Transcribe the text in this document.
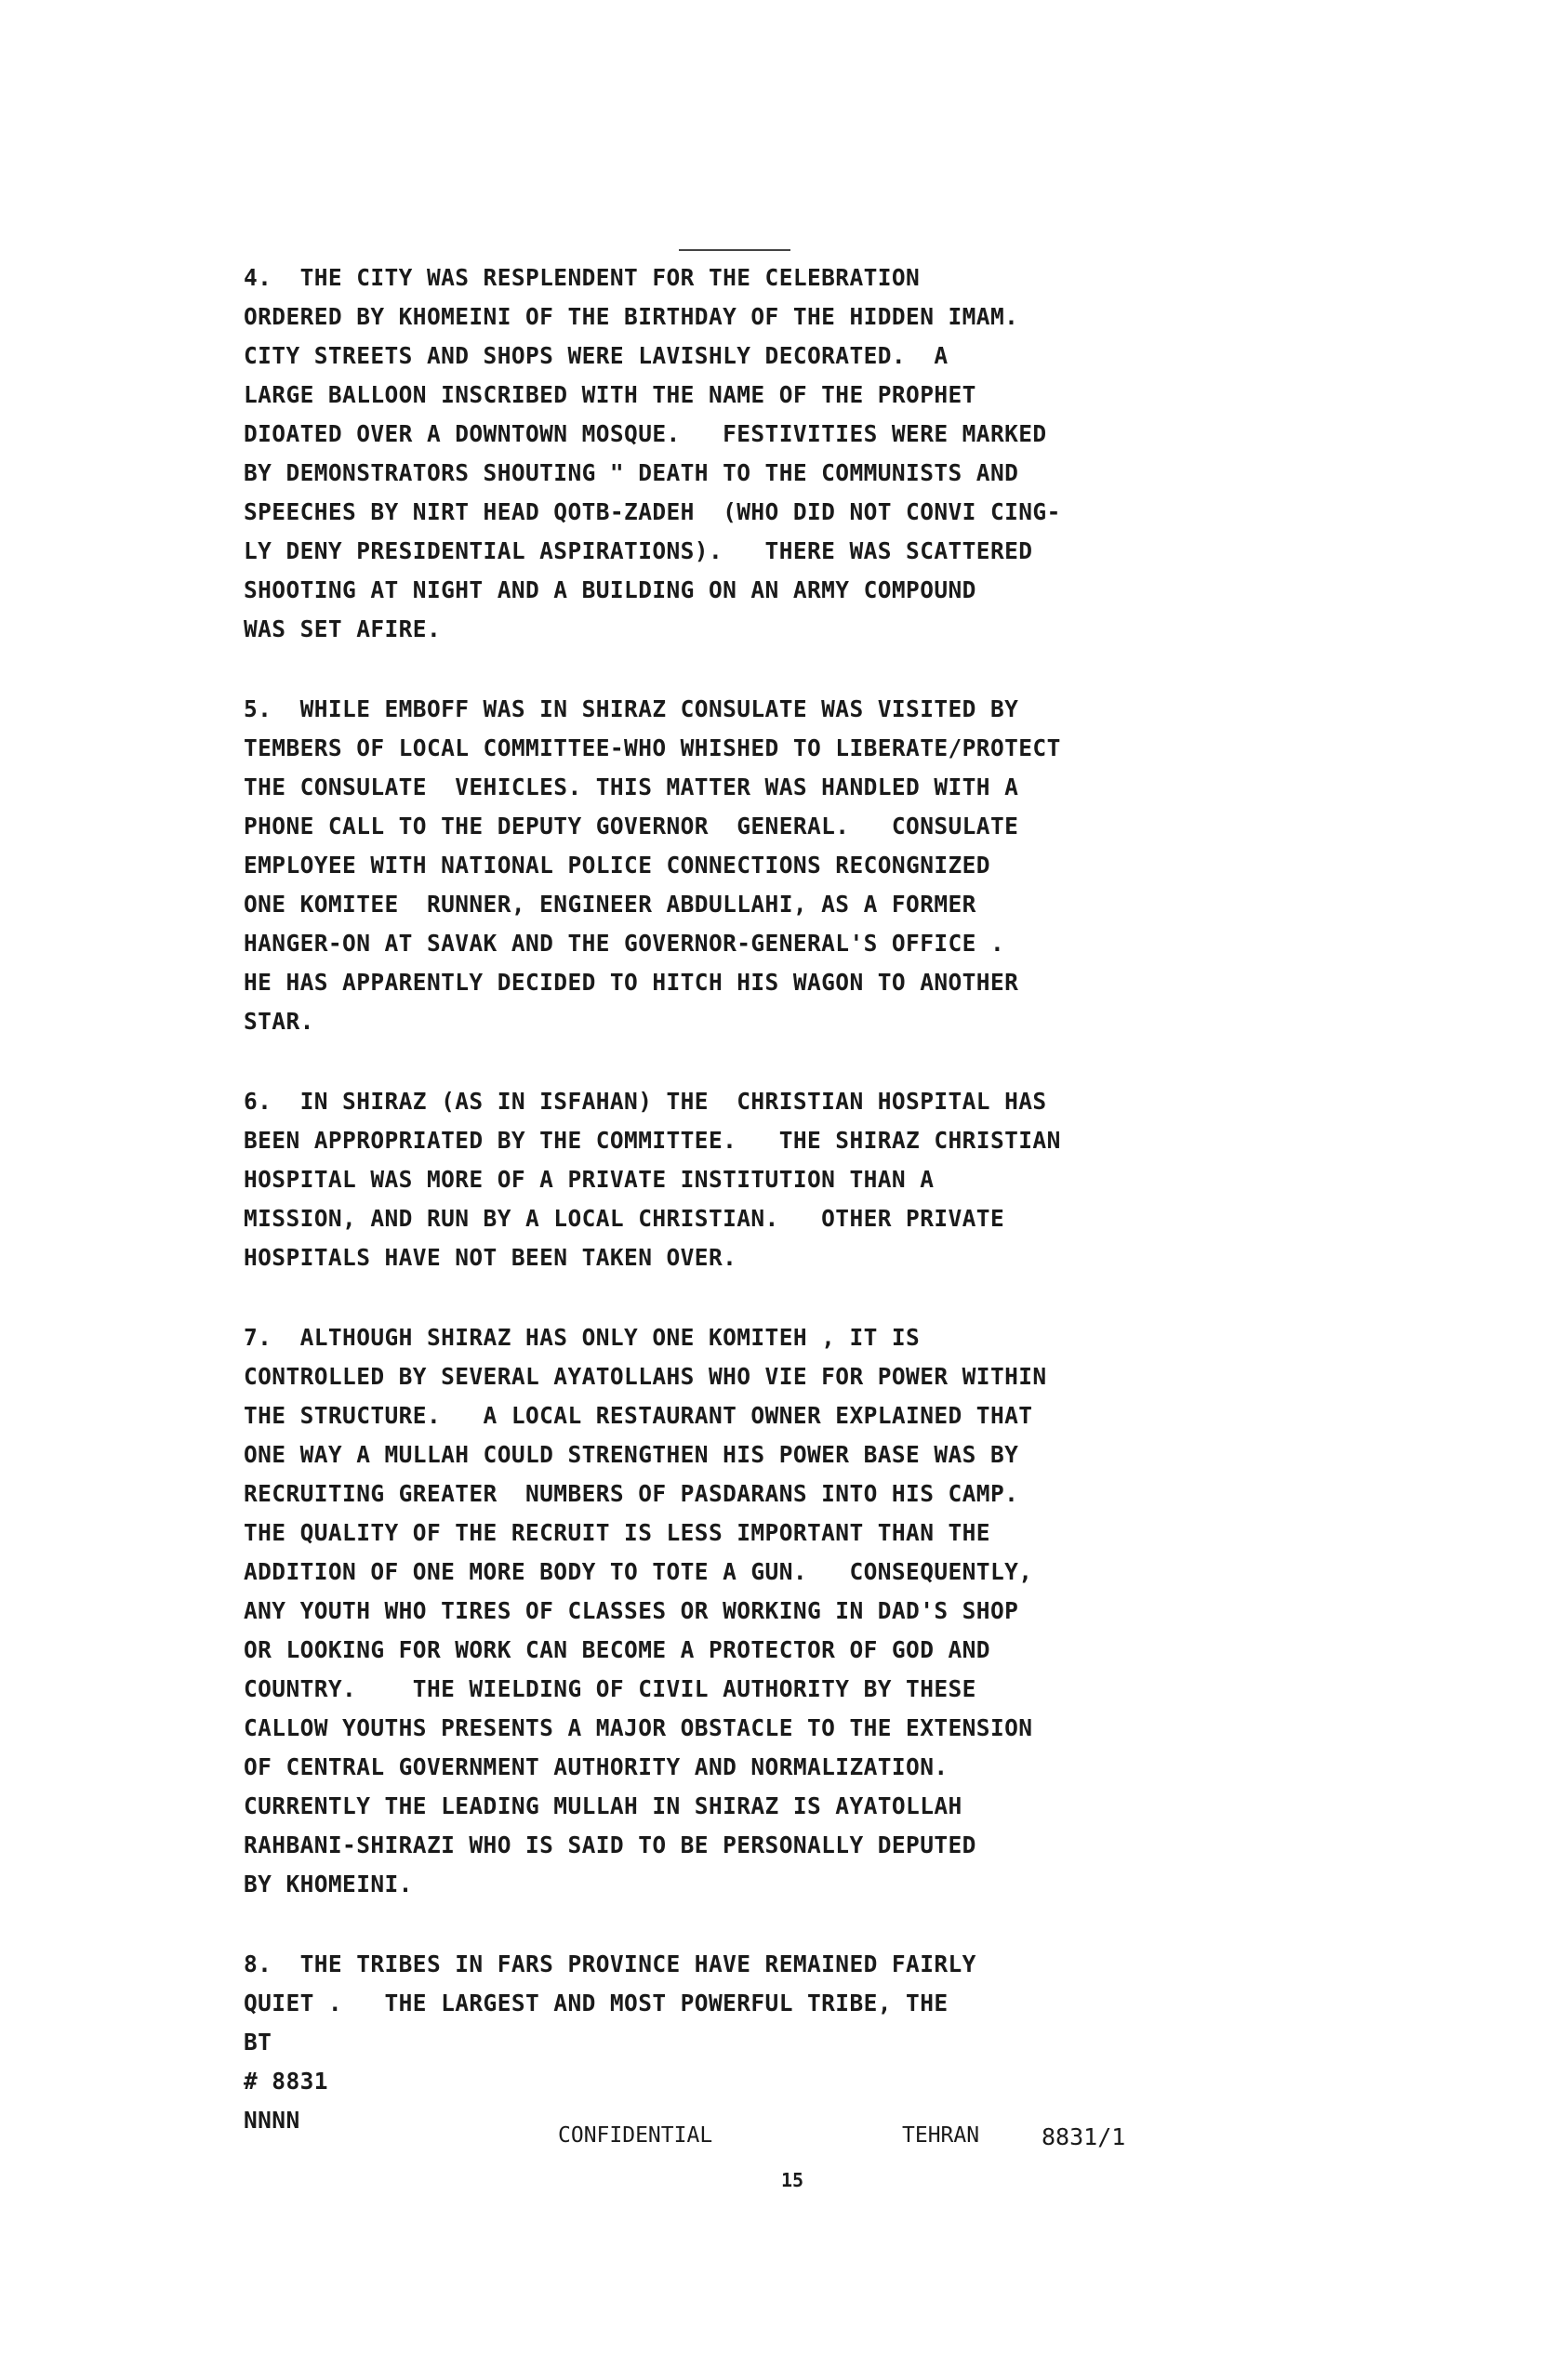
4.  THE CITY WAS RESPLENDENT FOR THE CELEBRATION
ORDERED BY KHOMEINI OF THE BIRTHDAY OF THE HIDDEN IMAM.
CITY STREETS AND SHOPS WERE LAVISHLY DECORATED.  A
LARGE BALLOON INSCRIBED WITH THE NAME OF THE PROPHET
DIOATED OVER A DOWNTOWN MOSQUE.   FESTIVITIES WERE MARKED
BY DEMONSTRATORS SHOUTING " DEATH TO THE COMMUNISTS AND
SPEECHES BY NIRT HEAD QOTB-ZADEH  (WHO DID NOT CONVI CING-
LY DENY PRESIDENTIAL ASPIRATIONS).   THERE WAS SCATTERED
SHOOTING AT NIGHT AND A BUILDING ON AN ARMY COMPOUND
WAS SET AFIRE.
5.  WHILE EMBOFF WAS IN SHIRAZ CONSULATE WAS VISITED BY
TEMBERS OF LOCAL COMMITTEE-WHO WHISHED TO LIBERATE/PROTECT
THE CONSULATE  VEHICLES. THIS MATTER WAS HANDLED WITH A
PHONE CALL TO THE DEPUTY GOVERNOR  GENERAL.   CONSULATE
EMPLOYEE WITH NATIONAL POLICE CONNECTIONS RECONGNIZED
ONE KOMITEE  RUNNER, ENGINEER ABDULLAHI, AS A FORMER
HANGER-ON AT SAVAK AND THE GOVERNOR-GENERAL'S OFFICE .
HE HAS APPARENTLY DECIDED TO HITCH HIS WAGON TO ANOTHER
STAR.
6.  IN SHIRAZ (AS IN ISFAHAN) THE  CHRISTIAN HOSPITAL HAS
BEEN APPROPRIATED BY THE COMMITTEE.   THE SHIRAZ CHRISTIAN
HOSPITAL WAS MORE OF A PRIVATE INSTITUTION THAN A
MISSION, AND RUN BY A LOCAL CHRISTIAN.   OTHER PRIVATE
HOSPITALS HAVE NOT BEEN TAKEN OVER.
7.  ALTHOUGH SHIRAZ HAS ONLY ONE KOMITEH , IT IS
CONTROLLED BY SEVERAL AYATOLLAHS WHO VIE FOR POWER WITHIN
THE STRUCTURE.   A LOCAL RESTAURANT OWNER EXPLAINED THAT
ONE WAY A MULLAH COULD STRENGTHEN HIS POWER BASE WAS BY
RECRUITING GREATER  NUMBERS OF PASDARANS INTO HIS CAMP.
THE QUALITY OF THE RECRUIT IS LESS IMPORTANT THAN THE
ADDITION OF ONE MORE BODY TO TOTE A GUN.   CONSEQUENTLY,
ANY YOUTH WHO TIRES OF CLASSES OR WORKING IN DAD'S SHOP
OR LOOKING FOR WORK CAN BECOME A PROTECTOR OF GOD AND
COUNTRY.    THE WIELDING OF CIVIL AUTHORITY BY THESE
CALLOW YOUTHS PRESENTS A MAJOR OBSTACLE TO THE EXTENSION
OF CENTRAL GOVERNMENT AUTHORITY AND NORMALIZATION.
CURRENTLY THE LEADING MULLAH IN SHIRAZ IS AYATOLLAH
RAHBANI-SHIRAZI WHO IS SAID TO BE PERSONALLY DEPUTED
BY KHOMEINI.
8.  THE TRIBES IN FARS PROVINCE HAVE REMAINED FAIRLY
QUIET .   THE LARGEST AND MOST POWERFUL TRIBE, THE
BT
# 8831
NNNN

CONFIDENTIAL

	TEHRAN

	8831/1

15
